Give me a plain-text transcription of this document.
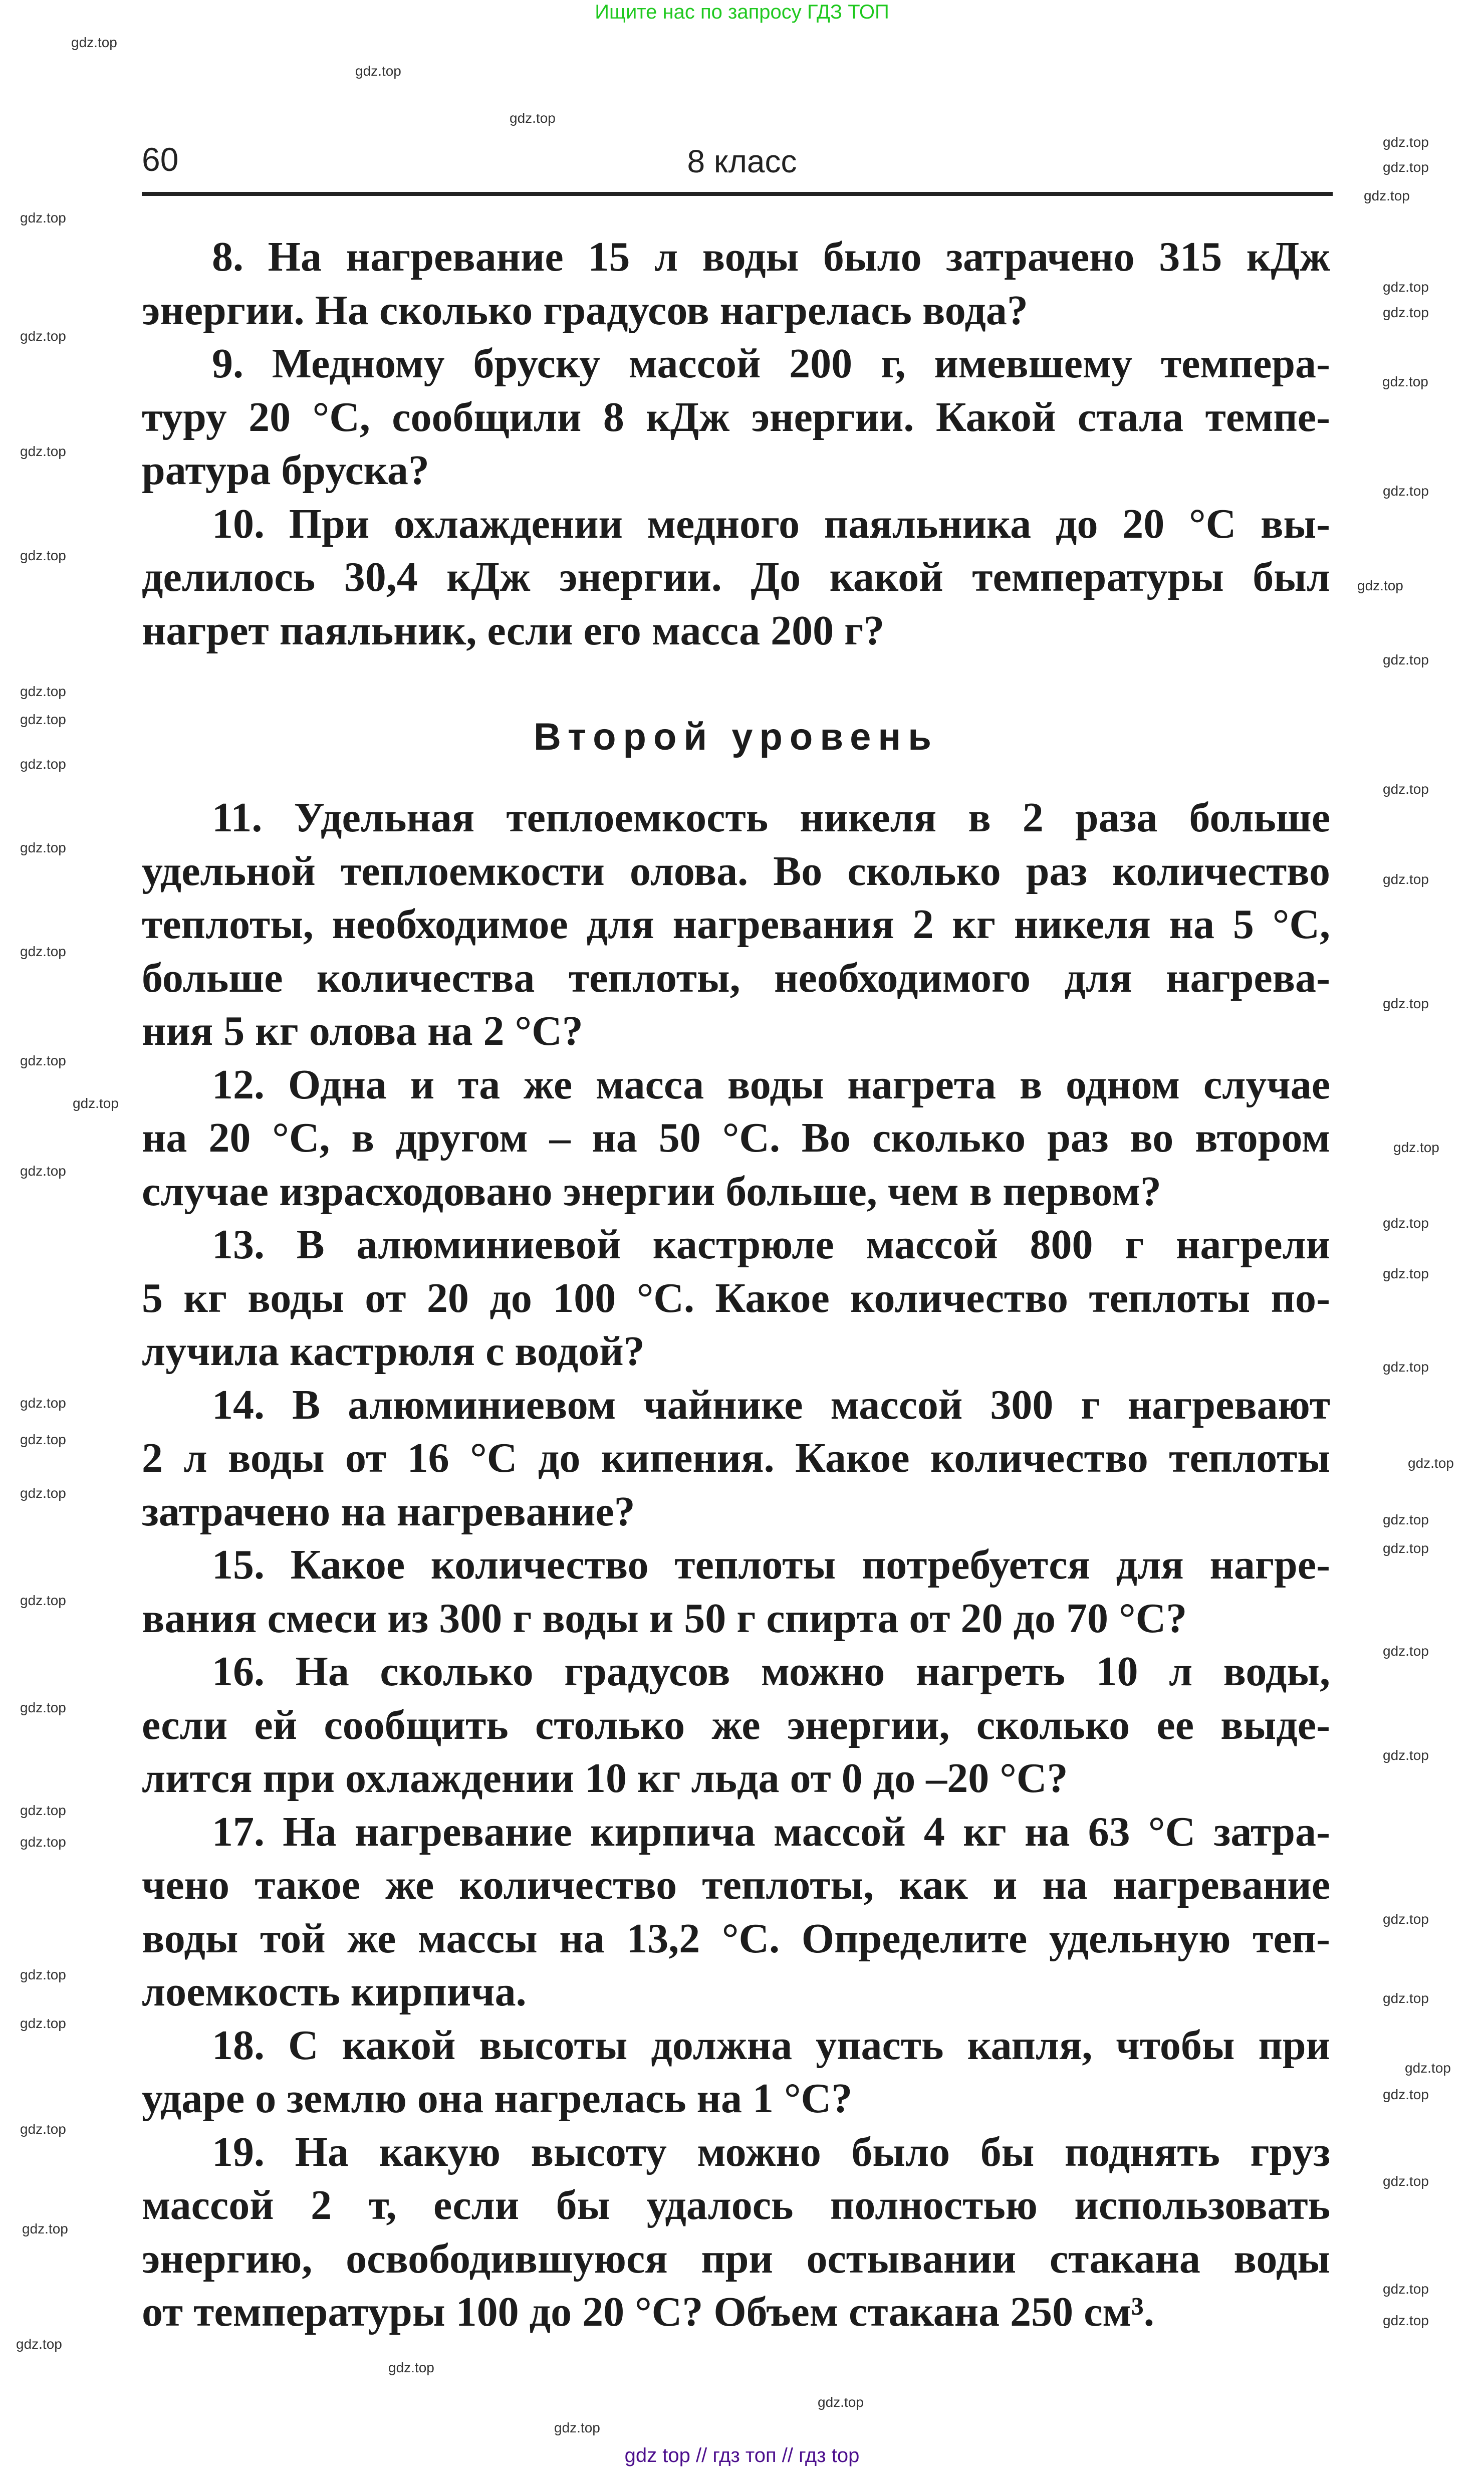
Ищите нас по запросу ГДЗ ТОП
60	8 класс
8. На нагревание 15 л воды было затрачено 315 кДж
энергии. На сколько градусов нагрелась вода?
9. Медному бруску массой 200 г, имевшему темпера-
туру 20 °С, сообщили 8 кДж энергии. Какой стала темпе-
ратура бруска?
10. При охлаждении медного паяльника до 20 °С вы-
делилось 30,4 кДж энергии. До какой температуры был
нагрет паяльник, если его масса 200 г?
Второй уровень
11. Удельная теплоемкость никеля в 2 раза больше
удельной теплоемкости олова. Во сколько раз количество
теплоты, необходимое для нагревания 2 кг никеля на 5 °С,
больше количества теплоты, необходимого для нагрева-
ния 5 кг олова на 2 °С?
12. Одна и та же масса воды нагрета в одном случае
на 20 °С, в другом – на 50 °С. Во сколько раз во втором
случае израсходовано энергии больше, чем в первом?
13. В алюминиевой кастрюле массой 800 г нагрели
5 кг воды от 20 до 100 °С. Какое количество теплоты по-
лучила кастрюля с водой?
14. В алюминиевом чайнике массой 300 г нагревают
2 л воды от 16 °С до кипения. Какое количество теплоты
затрачено на нагревание?
15. Какое количество теплоты потребуется для нагре-
вания смеси из 300 г воды и 50 г спирта от 20 до 70 °С?
16. На сколько градусов можно нагреть 10 л воды,
если ей сообщить столько же энергии, сколько ее выде-
лится при охлаждении 10 кг льда от 0 до –20 °С?
17. На нагревание кирпича массой 4 кг на 63 °С затра-
чено такое же количество теплоты, как и на нагревание
воды той же массы на 13,2 °С. Определите удельную теп-
лоемкость кирпича.
18. С какой высоты должна упасть капля, чтобы при
ударе о землю она нагрелась на 1 °С?
19. На какую высоту можно было бы поднять груз
массой 2 т, если бы удалось полностью использовать
энергию, освободившуюся при остывании стакана воды
от температуры 100 до 20 °С? Объем стакана 250 см³.
gdz.top
gdz.top
gdz.top
gdz.top
gdz.top
gdz.top
gdz.top
gdz.top
gdz.top
gdz.top
gdz.top
gdz.top
gdz.top
gdz.top
gdz.top
gdz.top
gdz.top
gdz.top
gdz.top
gdz.top
gdz.top
gdz.top
gdz.top
gdz.top
gdz.top
gdz.top
gdz.top
gdz.top
gdz.top
gdz.top
gdz.top
gdz.top
gdz.top
gdz.top
gdz.top
gdz.top
gdz.top
gdz.top
gdz.top
gdz.top
gdz.top
gdz.top
gdz.top
gdz.top
gdz.top
gdz.top
gdz.top
gdz.top
gdz.top
gdz.top
gdz.top
gdz.top
gdz.top
gdz.top
gdz.top
gdz.top
gdz.top
gdz.top
gdz top // гдз топ // гдз top
